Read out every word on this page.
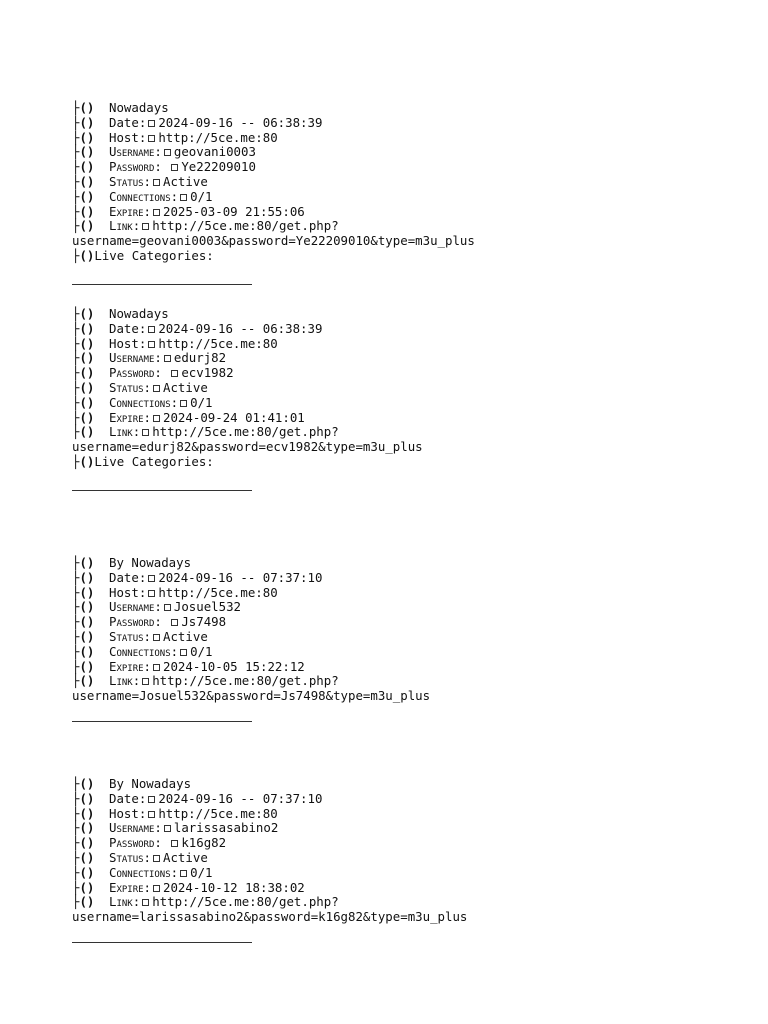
├() Nowadays
├() Date: 2024-09-16 -- 06:38:39
├() Host: http://5ce.me:80
├() Username: geovani0003
├() Password: Ye22209010
├() Status: Active
├() Connections: 0/1
├() Expire: 2025-03-09 21:55:06
├() Link: http://5ce.me:80/get.php?
username=geovani0003&password=Ye22209010&type=m3u_plus
├()Live Categories:
├() Nowadays
├() Date: 2024-09-16 -- 06:38:39
├() Host: http://5ce.me:80
├() Username: edurj82
├() Password: ecv1982
├() Status: Active
├() Connections: 0/1
├() Expire: 2024-09-24 01:41:01
├() Link: http://5ce.me:80/get.php?
username=edurj82&password=ecv1982&type=m3u_plus
├()Live Categories:
├() By Nowadays
├() Date: 2024-09-16 -- 07:37:10
├() Host: http://5ce.me:80
├() Username: Josuel532
├() Password: Js7498
├() Status: Active
├() Connections: 0/1
├() Expire: 2024-10-05 15:22:12
├() Link: http://5ce.me:80/get.php?
username=Josuel532&password=Js7498&type=m3u_plus
├() By Nowadays
├() Date: 2024-09-16 -- 07:37:10
├() Host: http://5ce.me:80
├() Username: larissasabino2
├() Password: k16g82
├() Status: Active
├() Connections: 0/1
├() Expire: 2024-10-12 18:38:02
├() Link: http://5ce.me:80/get.php?
username=larissasabino2&password=k16g82&type=m3u_plus
